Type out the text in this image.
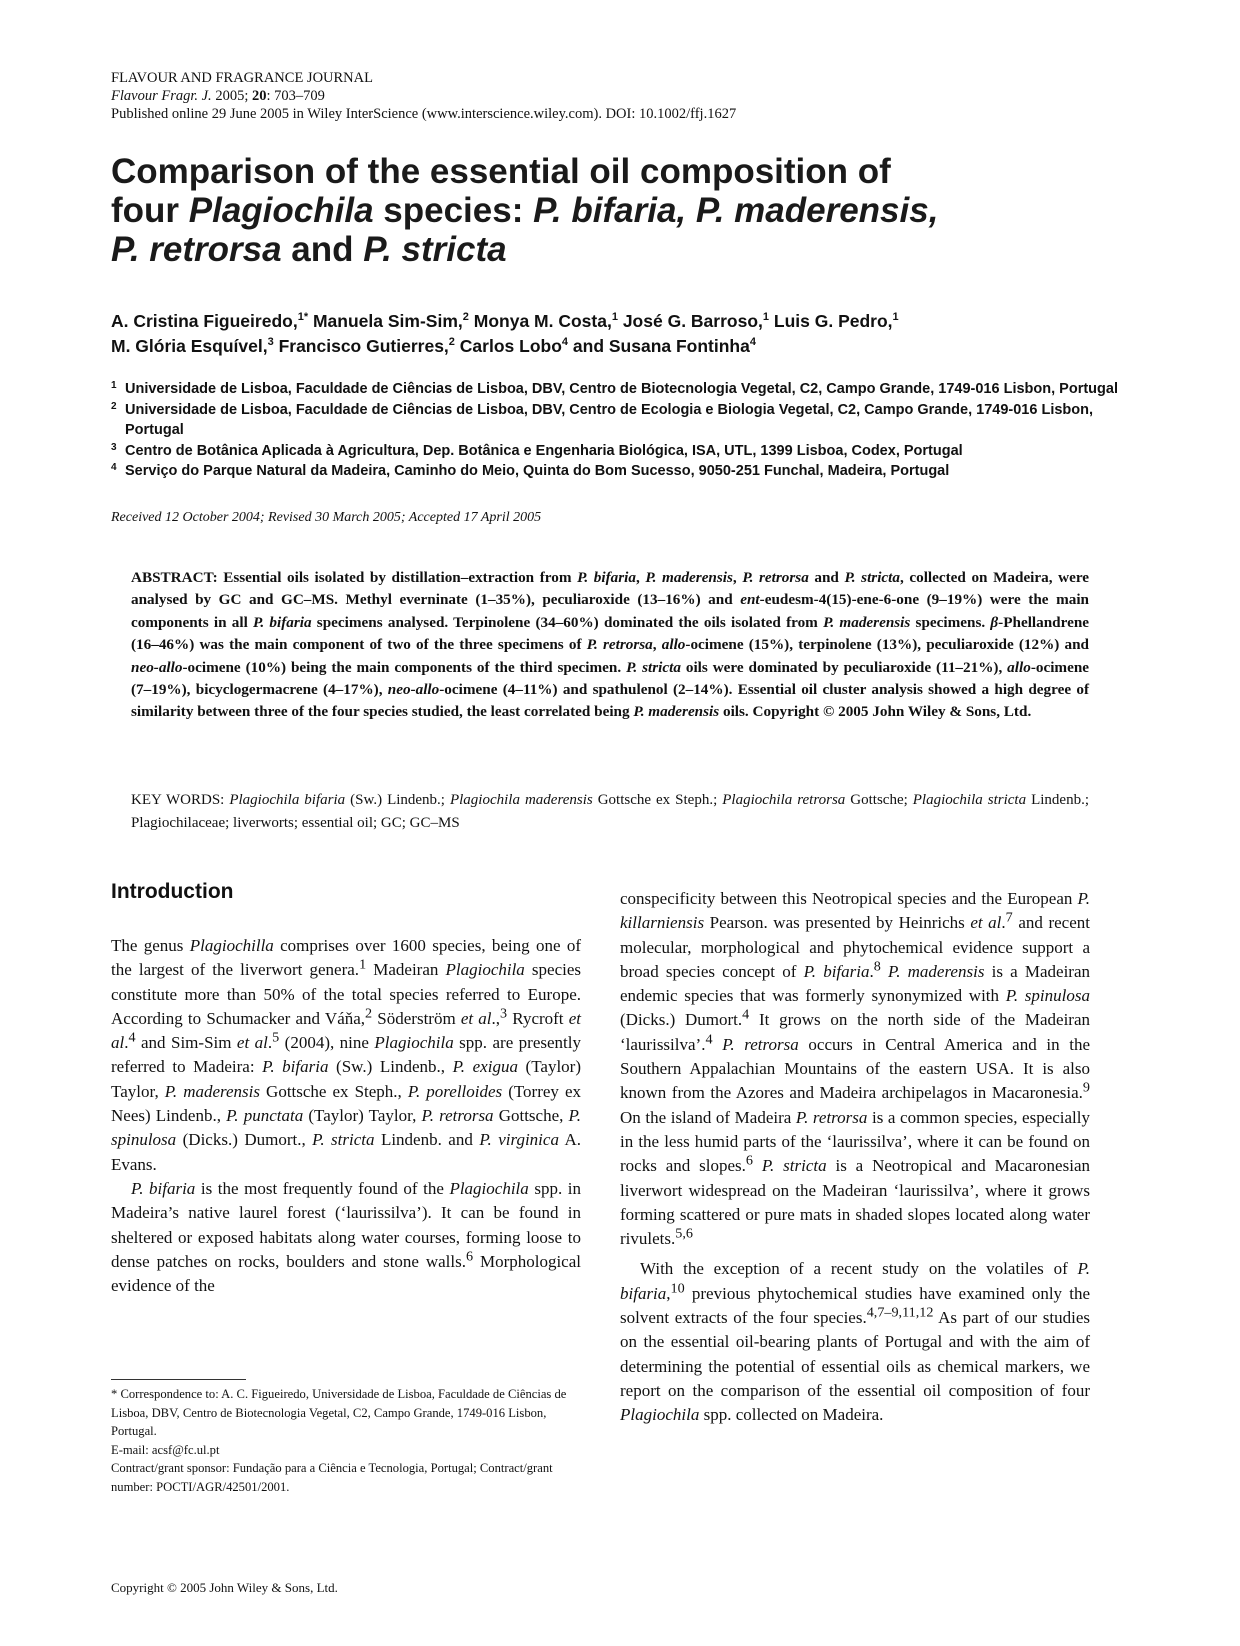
FLAVOUR AND FRAGRANCE JOURNAL
Flavour Fragr. J. 2005; 20: 703–709
Published online 29 June 2005 in Wiley InterScience (www.interscience.wiley.com). DOI: 10.1002/ffj.1627
Comparison of the essential oil composition of
four Plagiochila species: P. bifaria, P. maderensis,
P. retrorsa and P. stricta
A. Cristina Figueiredo,$^{1*}$ Manuela Sim-Sim,$^2$ Monya M. Costa,$^1$ José G. Barroso,$^1$ Luis G. Pedro,$^1$
M. Glória Esquível,$^3$ Francisco Gutierres,$^2$ Carlos Lobo$^4$ and Susana Fontinha$^4$
1 Universidade de Lisboa, Faculdade de Ciências de Lisboa, DBV, Centro de Biotecnologia Vegetal, C2, Campo Grande, 1749-016 Lisbon, Portugal
2 Universidade de Lisboa, Faculdade de Ciências de Lisboa, DBV, Centro de Ecologia e Biologia Vegetal, C2, Campo Grande, 1749-016 Lisbon, Portugal
3 Centro de Botânica Aplicada à Agricultura, Dep. Botânica e Engenharia Biológica, ISA, UTL, 1399 Lisboa, Codex, Portugal
4 Serviço do Parque Natural da Madeira, Caminho do Meio, Quinta do Bom Sucesso, 9050-251 Funchal, Madeira, Portugal
Received 12 October 2004; Revised 30 March 2005; Accepted 17 April 2005
ABSTRACT: Essential oils isolated by distillation–extraction from P. bifaria, P. maderensis, P. retrorsa and P. stricta, collected on Madeira, were analysed by GC and GC–MS. Methyl everninate (1–35%), peculiaroxide (13–16%) and ent-eudesm-4(15)-ene-6-one (9–19%) were the main components in all P. bifaria specimens analysed. Terpinolene (34–60%) dominated the oils isolated from P. maderensis specimens. β-Phellandrene (16–46%) was the main component of two of the three specimens of P. retrorsa, allo-ocimene (15%), terpinolene (13%), peculiaroxide (12%) and neo-allo-ocimene (10%) being the main components of the third specimen. P. stricta oils were dominated by peculiaroxide (11–21%), allo-ocimene (7–19%), bicyclogermacrene (4–17%), neo-allo-ocimene (4–11%) and spathulenol (2–14%). Essential oil cluster analysis showed a high degree of similarity between three of the four species studied, the least correlated being P. maderensis oils. Copyright © 2005 John Wiley & Sons, Ltd.
KEY WORDS: Plagiochila bifaria (Sw.) Lindenb.; Plagiochila maderensis Gottsche ex Steph.; Plagiochila retrorsa Gottsche; Plagiochila stricta Lindenb.; Plagiochilaceae; liverworts; essential oil; GC; GC–MS
Introduction

The genus Plagiochilla comprises over 1600 species, being one of the largest of the liverwort genera.$^1$ Madeiran Plagiochila species constitute more than 50% of the total species referred to Europe. According to Schumacker and Váňa,$^2$ Söderström et al.,$^3$ Rycroft et al.$^4$ and Sim-Sim et al.$^5$ (2004), nine Plagiochila spp. are presently referred to Madeira: P. bifaria (Sw.) Lindenb., P. exigua (Taylor) Taylor, P. maderensis Gottsche ex Steph., P. porelloides (Torrey ex Nees) Lindenb., P. punctata (Taylor) Taylor, P. retrorsa Gottsche, P. spinulosa (Dicks.) Dumort., P. stricta Lindenb. and P. virginica A. Evans.

P. bifaria is the most frequently found of the Plagiochila spp. in Madeira’s native laurel forest (‘laurissilva’). It can be found in sheltered or exposed habitats along water courses, forming loose to dense patches on rocks, boulders and stone walls.$^6$ Morphological evidence of the

conspecificity between this Neotropical species and the European P. killarniensis Pearson. was presented by Heinrichs et al.$^7$ and recent molecular, morphological and phytochemical evidence support a broad species concept of P. bifaria.$^8$ P. maderensis is a Madeiran endemic species that was formerly synonymized with P. spinulosa (Dicks.) Dumort.$^4$ It grows on the north side of the Madeiran ‘laurissilva’.$^4$ P. retrorsa occurs in Central America and in the Southern Appalachian Mountains of the eastern USA. It is also known from the Azores and Madeira archipelagos in Macaronesia.$^9$ On the island of Madeira P. retrorsa is a common species, especially in the less humid parts of the ‘laurissilva’, where it can be found on rocks and slopes.$^6$ P. stricta is a Neotropical and Macaronesian liverwort widespread on the Madeiran ‘laurissilva’, where it grows forming scattered or pure mats in shaded slopes located along water rivulets.$^{5,6}$

With the exception of a recent study on the volatiles of P. bifaria,$^{10}$ previous phytochemical studies have examined only the solvent extracts of the four species.$^{4,7-9,11,12}$ As part of our studies on the essential oil-bearing plants of Portugal and with the aim of determining the potential of essential oils as chemical markers, we report on the comparison of the essential oil composition of four Plagiochila spp. collected on Madeira.

* Correspondence to: A. C. Figueiredo, Universidade de Lisboa, Faculdade de Ciências de Lisboa, DBV, Centro de Biotecnologia Vegetal, C2, Campo Grande, 1749-016 Lisbon, Portugal.
E-mail: acsf@fc.ul.pt
Contract/grant sponsor: Fundação para a Ciência e Tecnologia, Portugal; Contract/grant number: POCTI/AGR/42501/2001.
Copyright © 2005 John Wiley & Sons, Ltd.
